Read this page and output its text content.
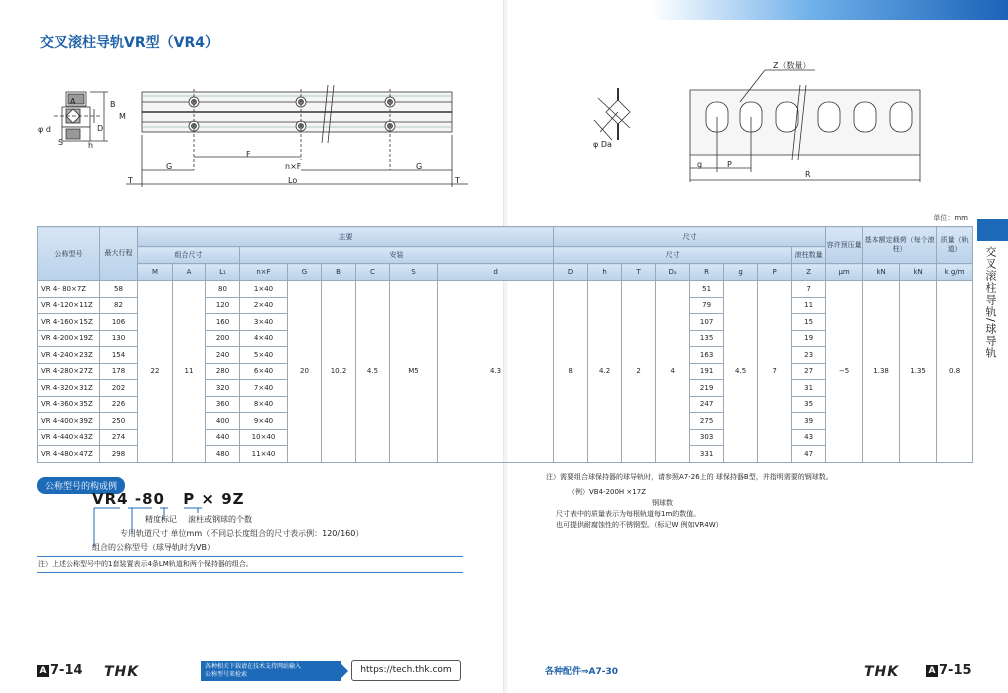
交叉滚柱导轨VR型（VR4）
A	B
M
D
φ d
S	h
G
F
n×F	G
T	Lo	T
Z（数量）
φ Da
g	P
R
单位：mm
交叉滚柱导轨/球导轨
公称型号	最大行程	主要									尺寸								容许预压量	基本额定载荷（每个滚柱）		质量（轨道）
		组合尺寸			安装						尺寸							滚柱数量				
		M	A	L₁	n×F	G	B	C	S	d	D	h	T	Dₐ	R	g	P	Z	μm	kN	kN	k g/m
VR 4- 80×7Z	58	22	11	80	1×40	20	10.2	4.5	M5	4.3	8	4.2	2	4	51	4.5	7	7	−5	1.38	1.35	0.8
VR 4-120×11Z	82			120	2×40										79			11				
VR 4-160×15Z	106			160	3×40										107			15				
VR 4-200×19Z	130			200	4×40										135			19				
VR 4-240×23Z	154			240	5×40										163			23				
VR 4-280×27Z	178			280	6×40										191			27				
VR 4-320×31Z	202			320	7×40										219			31				
VR 4-360×35Z	226			360	8×40										247			35				
VR 4-400×39Z	250			400	9×40										275			39				
VR 4-440×43Z	274			440	10×40										303			43				
VR 4-480×47Z	298			480	11×40										331			47				
公称型号的构成例
VR4 -80 P × 9Z
精度标记 滚柱或钢球的个数
专用轨道尺寸 单位mm（不同总长度组合的尺寸表示例：120/160）
组合的公称型号（球导轨时为VB）
注）上述公称型号中的1套装置表示4条LM轨道和两个保持器的组合。
注）需要组合球保持器的球导轨时，请参照A7-26上的 球保持器B型，并指明需要的钢球数。
（例）VB4-200H ×17Z
钢球数
尺寸表中的质量表示为每根轨道每1m的数值。
也可提供耐腐蚀性的不锈钢型。（标记W 例如VR4W）
A 7-14 THK	各种相关下载请在技术支持网站输入
公称型号来检索	https://tech.thk.com	各种配件⇒A7-30	THK	A 7-15
